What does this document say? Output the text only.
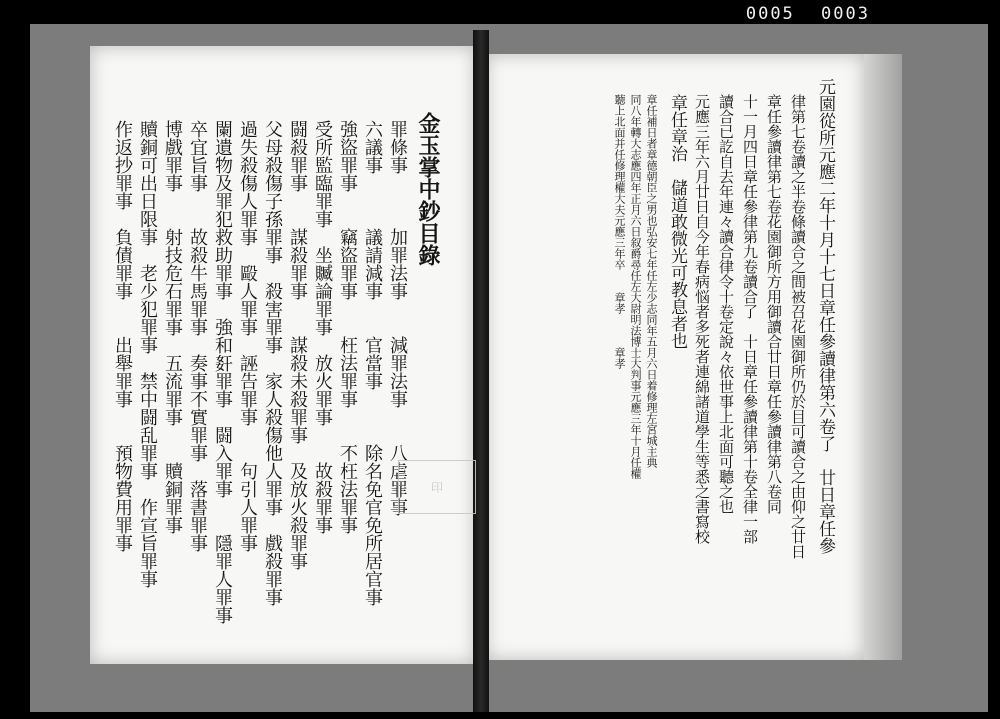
0005 0003
金玉掌中鈔目錄
罪條事　　　加罪法事　　減罪法事　　八虐罪事
六議事　　　議請減事　　官當事　　　除名免官免所居官事
強盜罪事　　竊盜罪事　　枉法罪事　　不枉法罪事
受所監臨罪事　坐贓論罪事　放火罪事　　故殺罪事
闘殺罪事　　謀殺罪事　　謀殺未殺罪事　及放火殺罪事
父母殺傷子孫罪事　殺害罪事　家人殺傷他人罪事　戲殺罪事
過失殺傷人罪事　毆人罪事　誣告罪事　　句引人罪事
闌遺物及罪犯救助罪事　強和姧罪事　闘入罪事　　隱罪人罪事
卒宜旨事　　故殺牛馬罪事　奏事不實罪事　落書罪事
博戲罪事　　射技危石罪事　五流罪事　　贖銅罪事
贖銅可出日限事　老少犯罪事　禁中闘乱罪事　作宣旨罪事
作返抄罪事　負債罪事　　出舉罪事　　預物費用罪事	元園從所元應二年十月十七日章任參讀律第六卷了　廿日章任參
律第七卷讀之半卷條讀合之間被召花園御所仍於目可讀合之由仰之廿日
章任參讀律第七卷花園御所方用御讀合廿日章任參讀律第八卷同
十一月四日章任參律第九卷讀合了　十日章任參讀律第十卷全律一部
讀合已訖自去年連々讀合律令十卷定說々依世事上北面可聽之也
元應三年六月廿日自今年春病悩者多死者連綿諸道學生等悉之書寫校
章任章治　儲道敢微光可教息者也
章任補日者章德朝臣之男也弘安七年任左少志同年五月六日着修理左宮城主典
同八年轉大志應四年正月六日叙爵尋任左大尉明法博士大判事元應三年十月任權
聽上北面并任修理權大夫元應三年卒　　章孝　　　章孝
印
